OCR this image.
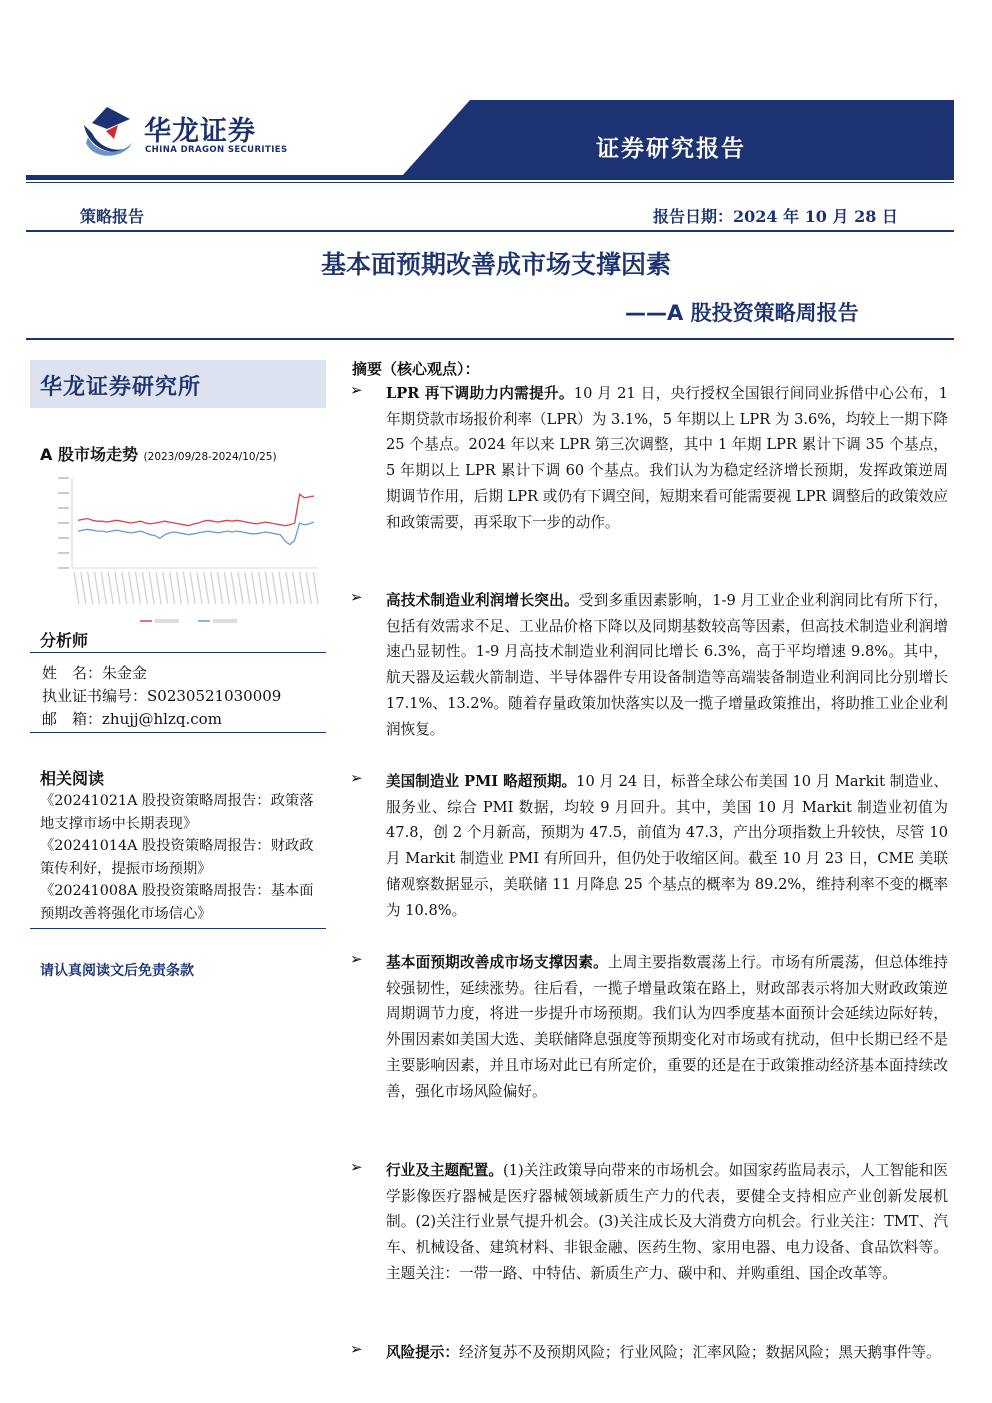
华龙证券
CHINA DRAGON SECURITIES	证券研究报告
策略报告	报告日期：2024 年 10 月 28 日
基本面预期改善成市场支撑因素
——A 股投资策略周报告
华龙证券研究所
A 股市场走势 (2023/09/28-2024/10/25)
分析师
姓　名：朱金金
执业证书编号：S0230521030009
邮　箱：zhujj@hlzq.com
相关阅读
《20241021A 股投资策略周报告：政策落地支撑市场中长期表现》
《20241014A 股投资策略周报告：财政政策传利好，提振市场预期》
《20241008A 股投资策略周报告：基本面预期改善将强化市场信心》
请认真阅读文后免责条款
摘要（核心观点）：
➢ LPR 再下调助力内需提升。10 月 21 日，央行授权全国银行间同业拆借中心公布，1 年期贷款市场报价利率（LPR）为 3.1%，5 年期以上 LPR 为 3.6%，均较上一期下降 25 个基点。2024 年以来 LPR 第三次调整，其中 1 年期 LPR 累计下调 35 个基点，5 年期以上 LPR 累计下调 60 个基点。我们认为为稳定经济增长预期，发挥政策逆周期调节作用，后期 LPR 或仍有下调空间，短期来看可能需要视 LPR 调整后的政策效应和政策需要，再采取下一步的动作。
➢ 高技术制造业利润增长突出。受到多重因素影响，1-9 月工业企业利润同比有所下行，包括有效需求不足、工业品价格下降以及同期基数较高等因素，但高技术制造业利润增速凸显韧性。1-9 月高技术制造业利润同比增长 6.3%，高于平均增速 9.8%。其中，航天器及运载火箭制造、半导体器件专用设备制造等高端装备制造业利润同比分别增长 17.1%、13.2%。随着存量政策加快落实以及一揽子增量政策推出，将助推工业企业利润恢复。
➢ 美国制造业 PMI 略超预期。10 月 24 日，标普全球公布美国 10 月 Markit 制造业、服务业、综合 PMI 数据，均较 9 月回升。其中，美国 10 月 Markit 制造业初值为 47.8，创 2 个月新高，预期为 47.5，前值为 47.3，产出分项指数上升较快，尽管 10 月 Markit 制造业 PMI 有所回升，但仍处于收缩区间。截至 10 月 23 日，CME 美联储观察数据显示，美联储 11 月降息 25 个基点的概率为 89.2%，维持利率不变的概率为 10.8%。
➢ 基本面预期改善成市场支撑因素。上周主要指数震荡上行。市场有所震荡，但总体维持较强韧性，延续涨势。往后看，一揽子增量政策在路上，财政部表示将加大财政政策逆周期调节力度，将进一步提升市场预期。我们认为四季度基本面预计会延续边际好转，外围因素如美国大选、美联储降息强度等预期变化对市场或有扰动，但中长期已经不是主要影响因素，并且市场对此已有所定价，重要的还是在于政策推动经济基本面持续改善，强化市场风险偏好。
➢ 行业及主题配置。(1)关注政策导向带来的市场机会。如国家药监局表示，人工智能和医学影像医疗器械是医疗器械领域新质生产力的代表，要健全支持相应产业创新发展机制。(2)关注行业景气提升机会。(3)关注成长及大消费方向机会。行业关注：TMT、汽车、机械设备、建筑材料、非银金融、医药生物、家用电器、电力设备、食品饮料等。主题关注：一带一路、中特估、新质生产力、碳中和、并购重组、国企改革等。
➢ 风险提示：经济复苏不及预期风险；行业风险；汇率风险；数据风险；黑天鹅事件等。
